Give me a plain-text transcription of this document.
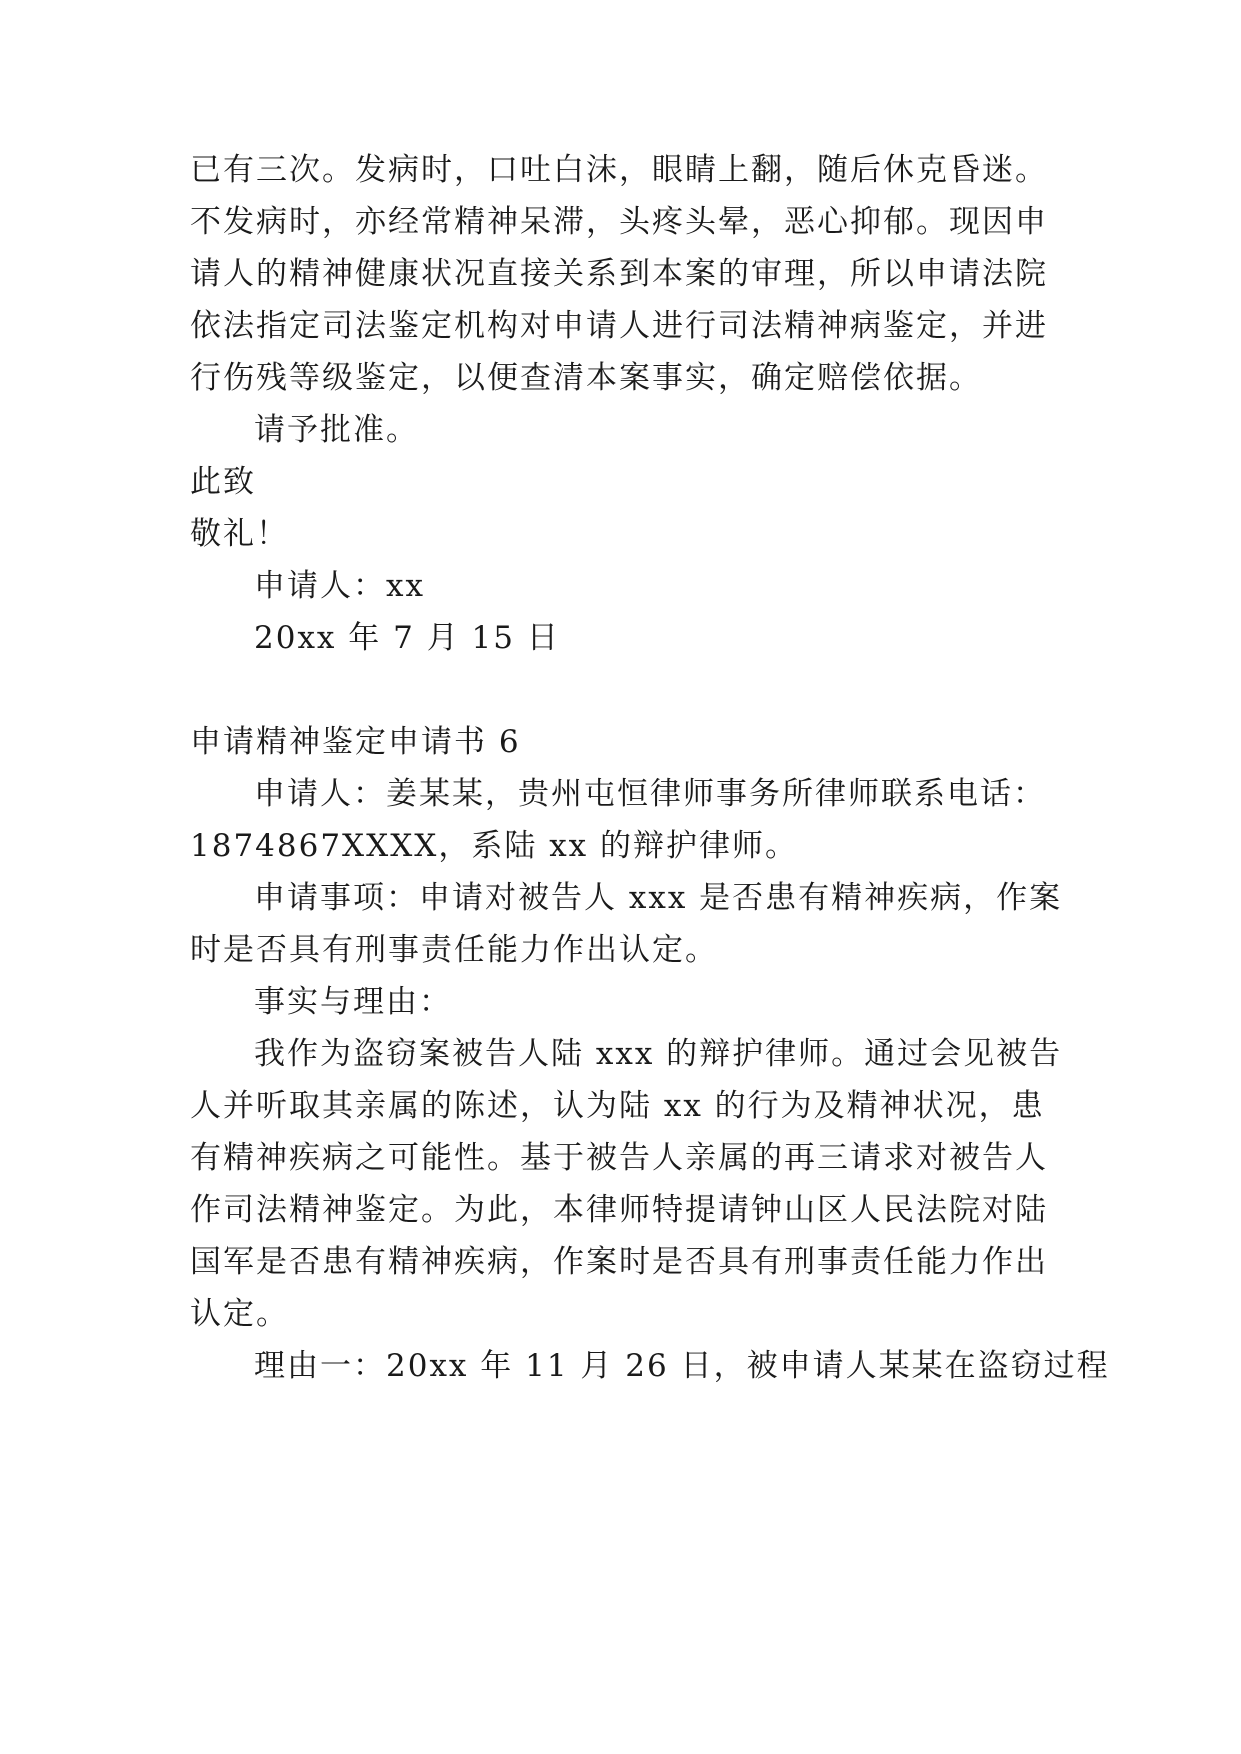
已有三次。发病时，口吐白沫，眼睛上翻，随后休克昏迷。
不发病时，亦经常精神呆滞，头疼头晕，恶心抑郁。现因申
请人的精神健康状况直接关系到本案的审理，所以申请法院
依法指定司法鉴定机构对申请人进行司法精神病鉴定，并进
行伤残等级鉴定，以便查清本案事实，确定赔偿依据。
请予批准。
此致
敬礼！
申请人：xx
20xx 年 7 月 15 日
申请精神鉴定申请书 6
申请人：姜某某，贵州屯恒律师事务所律师联系电话：
1874867XXXX，系陆 xx 的辩护律师。
申请事项：申请对被告人 xxx 是否患有精神疾病，作案
时是否具有刑事责任能力作出认定。
事实与理由：
我作为盗窃案被告人陆 xxx 的辩护律师。通过会见被告
人并听取其亲属的陈述，认为陆 xx 的行为及精神状况，患
有精神疾病之可能性。基于被告人亲属的再三请求对被告人
作司法精神鉴定。为此，本律师特提请钟山区人民法院对陆
国军是否患有精神疾病，作案时是否具有刑事责任能力作出
认定。
理由一：20xx 年 11 月 26 日，被申请人某某在盗窃过程
